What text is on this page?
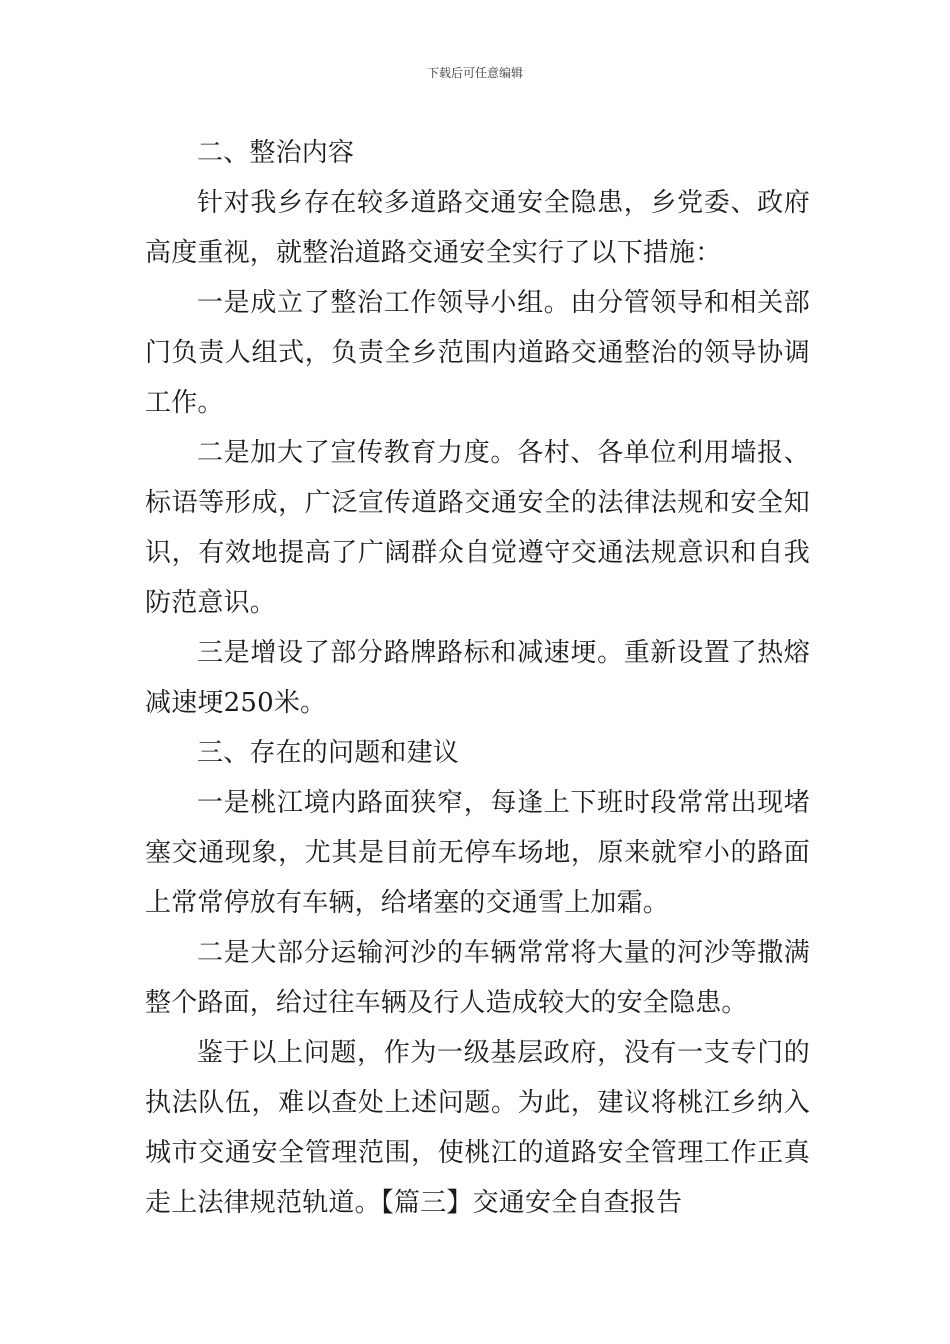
下载后可任意编辑

二、整治内容

针对我乡存在较多道路交通安全隐患，乡党委、政府高度重视，就整治道路交通安全实行了以下措施：

一是成立了整治工作领导小组。由分管领导和相关部门负责人组式，负责全乡范围内道路交通整治的领导协调工作。

二是加大了宣传教育力度。各村、各单位利用墙报、标语等形成，广泛宣传道路交通安全的法律法规和安全知识，有效地提高了广阔群众自觉遵守交通法规意识和自我防范意识。

三是增设了部分路牌路标和减速埂。重新设置了热熔减速埂250米。

三、存在的问题和建议

一是桃江境内路面狭窄，每逢上下班时段常常出现堵塞交通现象，尤其是目前无停车场地，原来就窄小的路面上常常停放有车辆，给堵塞的交通雪上加霜。

二是大部分运输河沙的车辆常常将大量的河沙等撒满整个路面，给过往车辆及行人造成较大的安全隐患。

鉴于以上问题，作为一级基层政府，没有一支专门的执法队伍，难以查处上述问题。为此，建议将桃江乡纳入城市交通安全管理范围，使桃江的道路安全管理工作正真走上法律规范轨道。【篇三】交通安全自查报告
